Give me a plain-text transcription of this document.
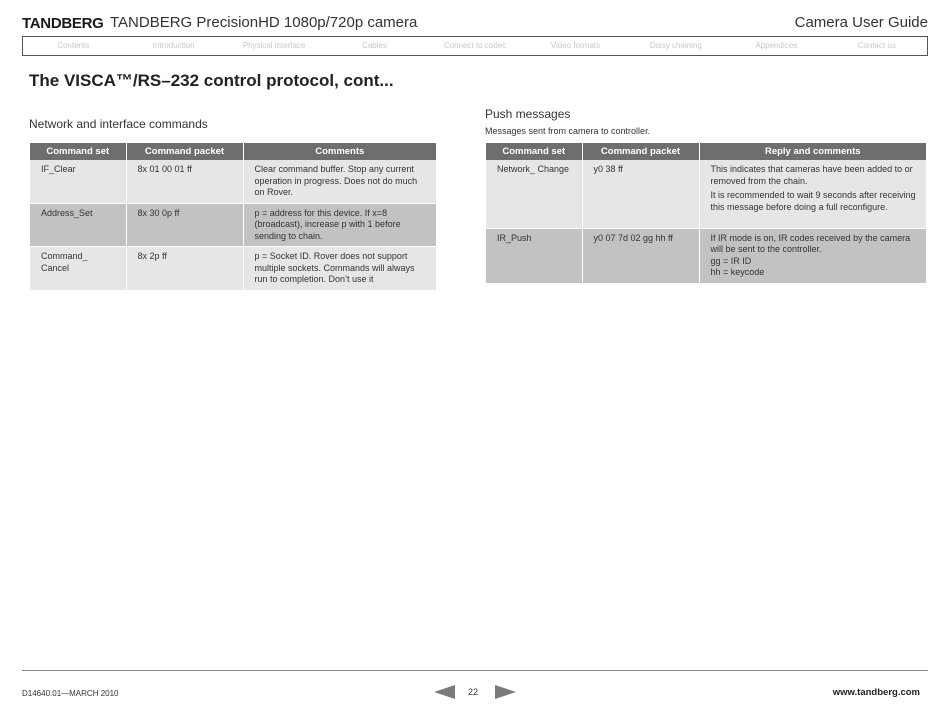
TANDBERG TANDBERG PrecisionHD 1080p/720p camera	Camera User Guide
Contents	Introduction	Physical interface	Cables	Connect to codec	Video formats	Daisy chaining	Appendices	Contact us
The VISCA™/RS–232 control protocol, cont...
Network and interface commands
Command set	Command packet	Comments
IF_Clear	8x 01 00 01 ff	Clear command buffer. Stop any current operation in progress. Does not do much on Rover.

Address_Set	8x 30 0p ff	p = address for this device. If x=8 (broadcast), increase p with 1 before sending to chain.

Command_ Cancel	8x 2p ff	p = Socket ID. Rover does not support multiple sockets. Commands will always run to completion. Don’t use it
Push messages
Messages sent from camera to controller.
Command set	Command packet	Reply and comments
Network_ Change	y0 38 ff	This indicates that cameras have been added to or removed from the chain.
It is recommended to wait 9 seconds after receiving this message before doing a full reconfigure.

IR_Push	y0 07 7d 02 gg hh ff	If IR mode is on, IR codes received by the camera will be sent to the controller.
gg = IR ID
hh = keycode
D14640.01—MARCH 2010	22	www.tandberg.com
